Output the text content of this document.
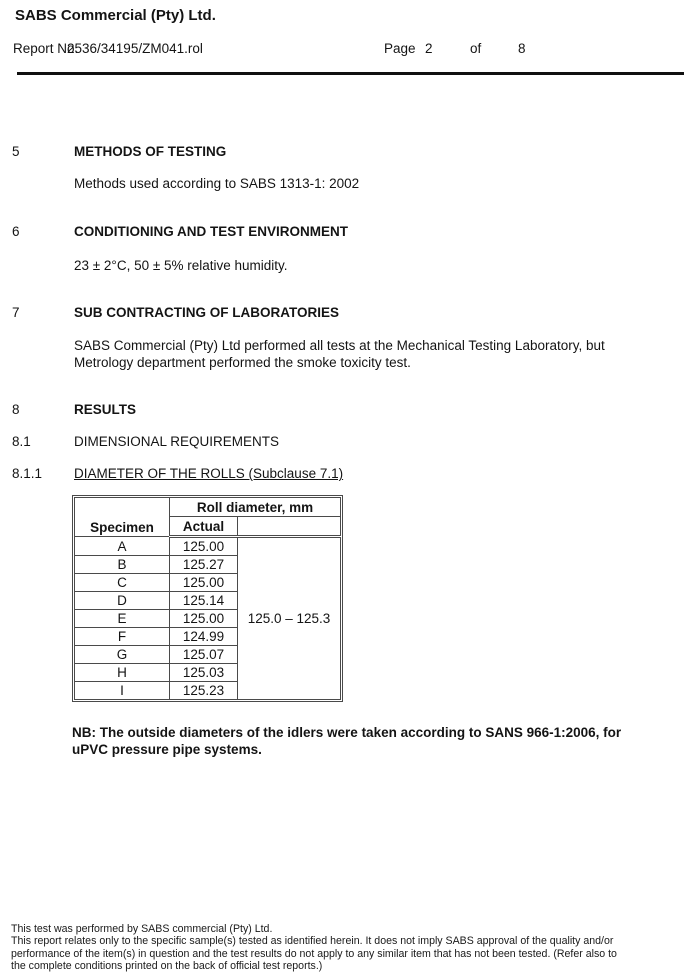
SABS Commercial (Pty) Ltd.
Report No.
2536/34195/ZM041.rol	Page 2	of	8
5	METHODS OF TESTING
Methods used according to SABS 1313-1: 2002
6	CONDITIONING AND TEST ENVIRONMENT
23 ± 2°C, 50 ± 5% relative humidity.
7	SUB CONTRACTING OF LABORATORIES
SABS Commercial (Pty) Ltd performed all tests at the Mechanical Testing Laboratory, but
Metrology department performed the smoke toxicity test.
8	RESULTS
8.1	DIMENSIONAL REQUIREMENTS
8.1.1	DIAMETER OF THE ROLLS (Subclause 7.1)
Specimen	Roll diameter, mm	
	Actual	
A	125.00	125.0 – 125.3
B	125.27	
C	125.00	
D	125.14	
E	125.00	
F	124.99	
G	125.07	
H	125.03	
I	125.23	
NB: The outside diameters of the idlers were taken according to SANS 966-1:2006, for
uPVC pressure pipe systems.
This test was performed by SABS commercial (Pty) Ltd.
This report relates only to the specific sample(s) tested as identified herein. It does not imply SABS approval of the quality and/or
performance of the item(s) in question and the test results do not apply to any similar item that has not been tested. (Refer also to
the complete conditions printed on the back of official test reports.)
